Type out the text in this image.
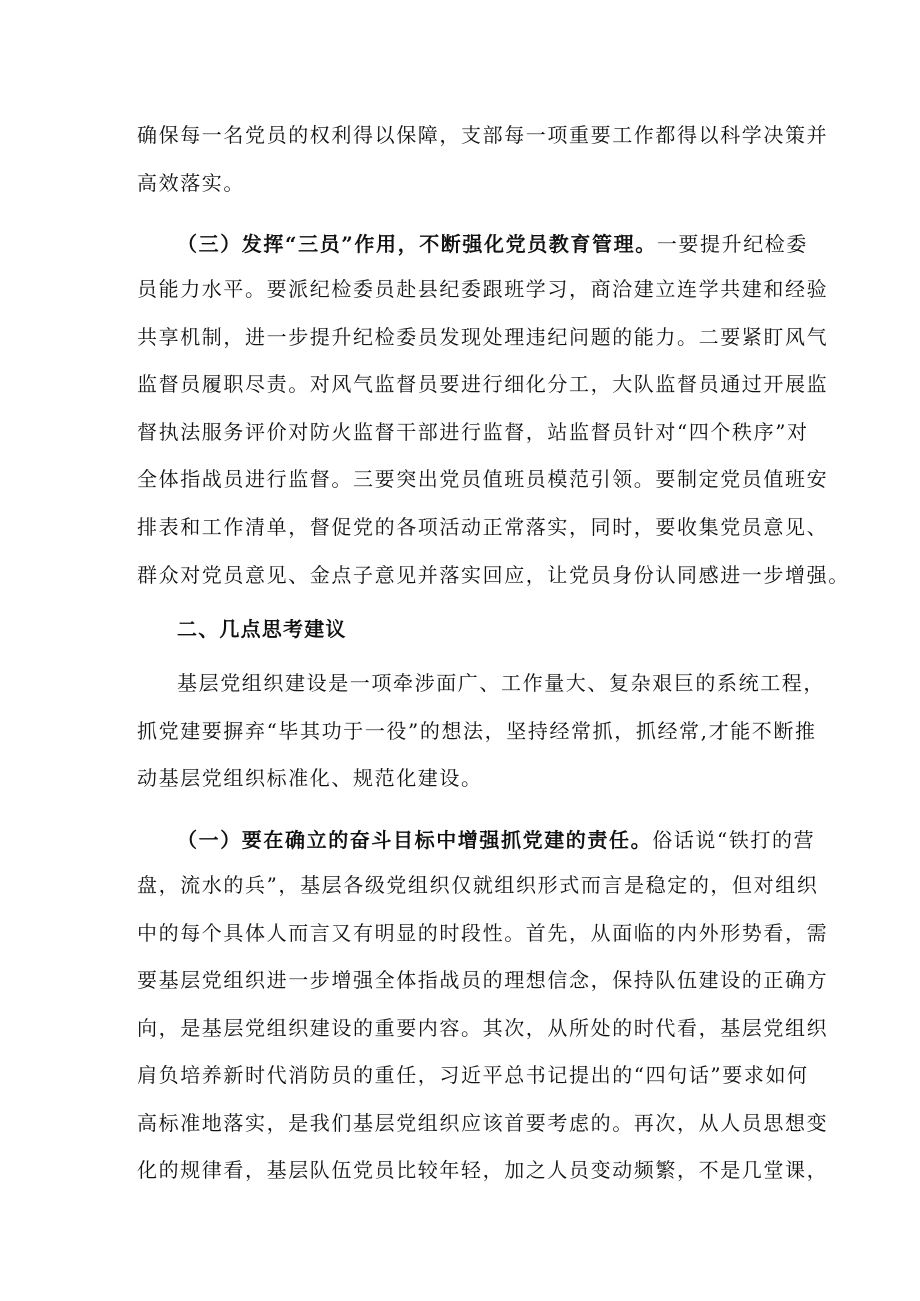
确保每一名党员的权利得以保障，支部每一项重要工作都得以科学决策并
高效落实。
（三）发挥“三员”作用，不断强化党员教育管理。一要提升纪检委
员能力水平。要派纪检委员赴县纪委跟班学习，商洽建立连学共建和经验
共享机制，进一步提升纪检委员发现处理违纪问题的能力。二要紧盯风气
监督员履职尽责。对风气监督员要进行细化分工，大队监督员通过开展监
督执法服务评价对防火监督干部进行监督，站监督员针对“四个秩序”对
全体指战员进行监督。三要突出党员值班员模范引领。要制定党员值班安
排表和工作清单，督促党的各项活动正常落实，同时，要收集党员意见、
群众对党员意见、金点子意见并落实回应，让党员身份认同感进一步增强。
二、几点思考建议
基层党组织建设是一项牵涉面广、工作量大、复杂艰巨的系统工程，
抓党建要摒弃“毕其功于一役”的想法，坚持经常抓，抓经常,才能不断推
动基层党组织标准化、规范化建设。
（一）要在确立的奋斗目标中增强抓党建的责任。俗话说“铁打的营
盘，流水的兵”，基层各级党组织仅就组织形式而言是稳定的，但对组织
中的每个具体人而言又有明显的时段性。首先，从面临的内外形势看，需
要基层党组织进一步增强全体指战员的理想信念，保持队伍建设的正确方
向，是基层党组织建设的重要内容。其次，从所处的时代看，基层党组织
肩负培养新时代消防员的重任，习近平总书记提出的“四句话”要求如何
高标准地落实，是我们基层党组织应该首要考虑的。再次，从人员思想变
化的规律看，基层队伍党员比较年轻，加之人员变动频繁，不是几堂课，
